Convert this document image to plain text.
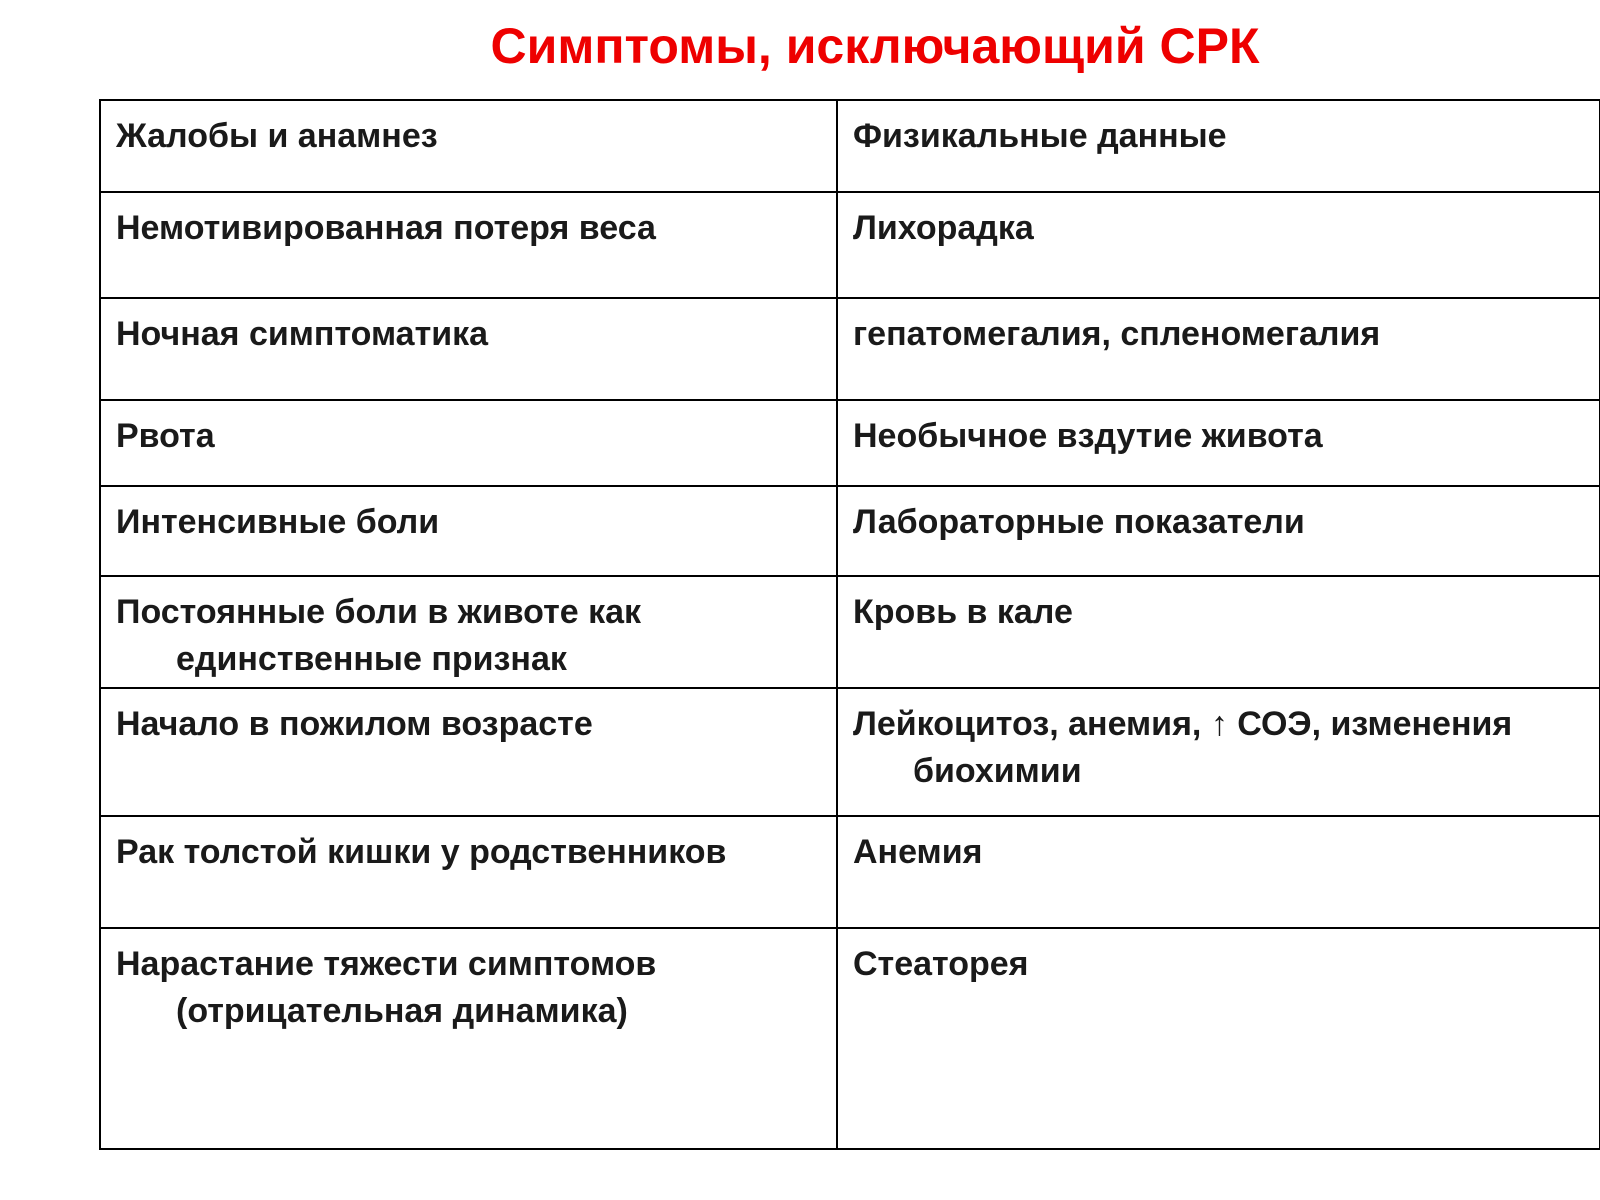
Симптомы, исключающий СРК
Жалобы и анамнез	Физикальные данные

Немотивированная потеря веса	Лихорадка

Ночная симптоматика	гепатомегалия, спленомегалия

Рвота	Необычное вздутие живота

Интенсивные боли	Лабораторные показатели

Постоянные боли в животе как единственные признак	Кровь в кале

Начало в пожилом возрасте	Лейкоцитоз, анемия, ↑ СОЭ, изменения биохимии

Рак толстой кишки у родственников	Анемия

Нарастание тяжести симптомов (отрицательная динамика)	Стеаторея
